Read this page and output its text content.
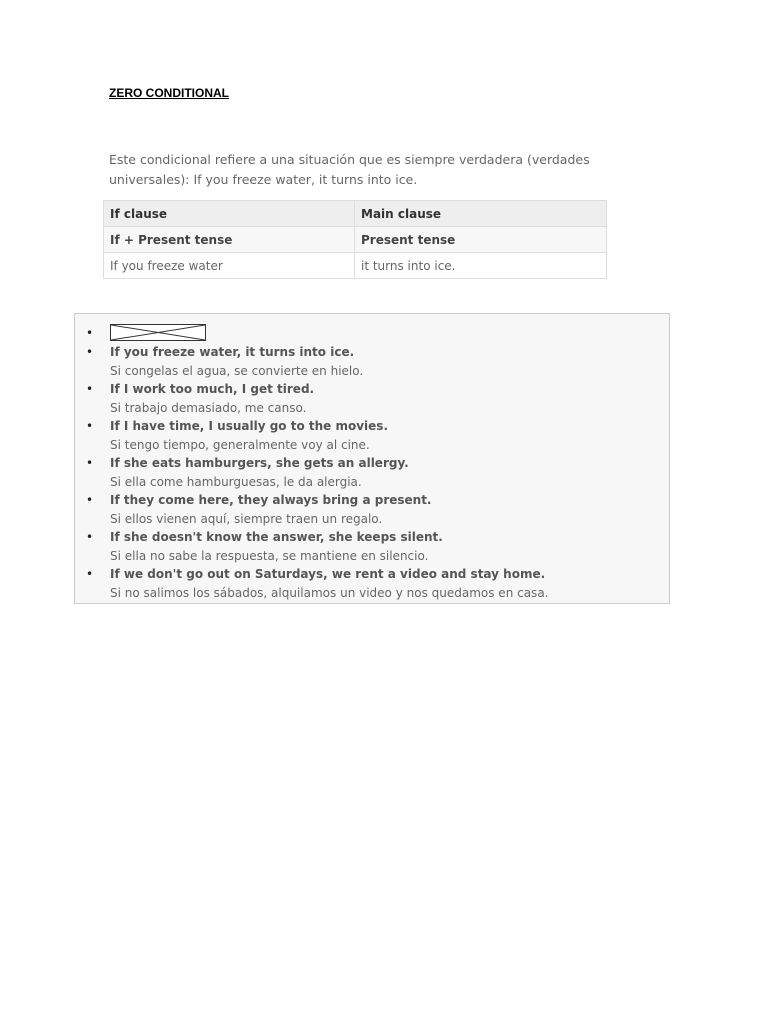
ZERO CONDITIONAL
Este condicional refiere a una situación que es siempre verdadera (verdades universales): If you freeze water, it turns into ice.
If clause	Main clause
If + Present tense	Present tense
If you freeze water	it turns into ice.
•
• If you freeze water, it turns into ice.
Si congelas el agua, se convierte en hielo.
• If I work too much, I get tired.
Si trabajo demasiado, me canso.
• If I have time, I usually go to the movies.
Si tengo tiempo, generalmente voy al cine.
• If she eats hamburgers, she gets an allergy.
Si ella come hamburguesas, le da alergia.
• If they come here, they always bring a present.
Si ellos vienen aquí, siempre traen un regalo.
• If she doesn't know the answer, she keeps silent.
Si ella no sabe la respuesta, se mantiene en silencio.
• If we don't go out on Saturdays, we rent a video and stay home.
Si no salimos los sábados, alquilamos un video y nos quedamos en casa.
